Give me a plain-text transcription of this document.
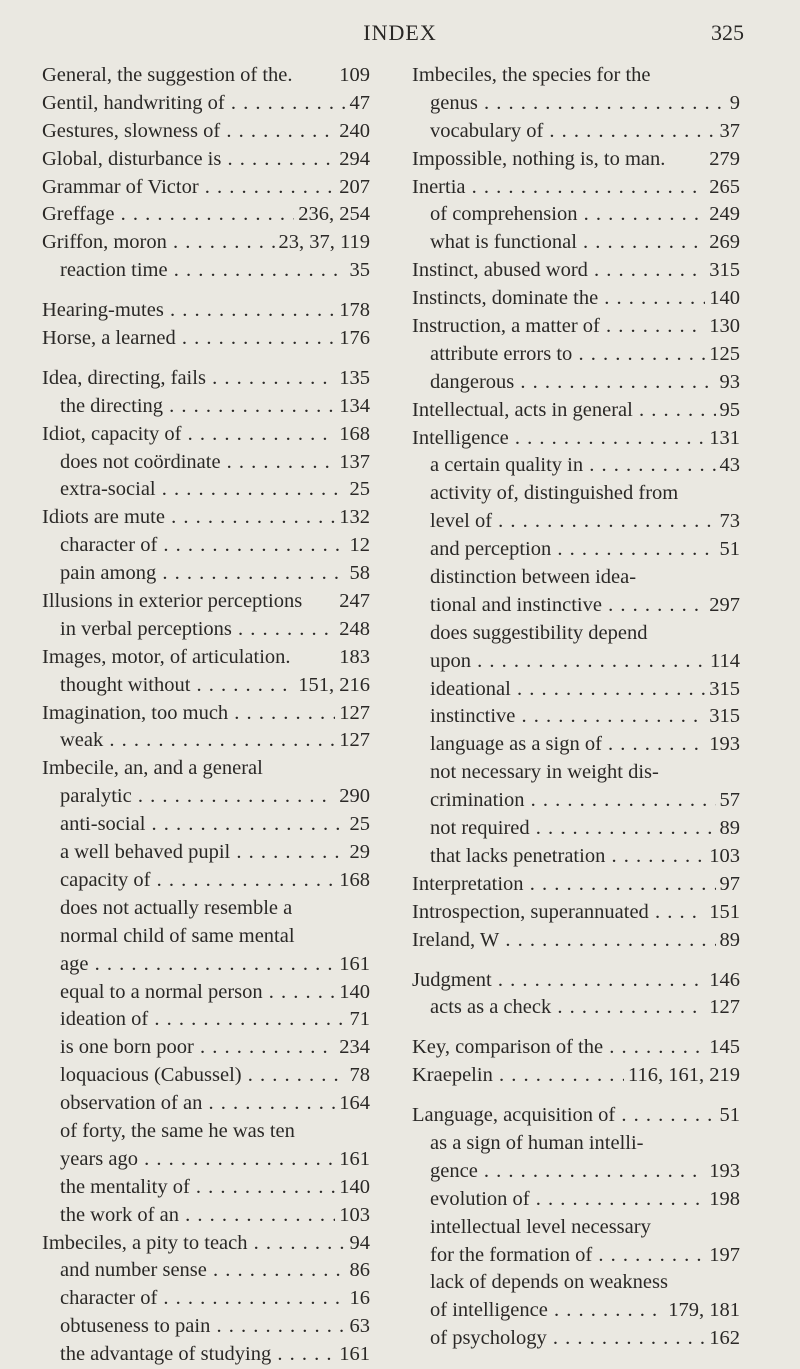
INDEX	325
General, the suggestion of the. 109
Gentil, handwriting of . . .	47
Gestures, slowness of . . .	240
Global, disturbance is . . .	294
Grammar of Victor . . .	207
Greffage . . .	236, 254
Griffon, moron . . .	23, 37, 119
reaction time . . .	35
Hearing-mutes . . .	178
Horse, a learned . . .	176
Idea, directing, fails . . .	135
the directing . . .	134
Idiot, capacity of . . .	168
does not coördinate . . .	137
extra-social . . .	25
Idiots are mute . . .	132
character of . . .	12
pain among . . .	58
Illusions in exterior perceptions 247
in verbal perceptions . . .	248
Images, motor, of articulation. 183
thought without . . .	151, 216
Imagination, too much . . .	127
weak . . .	127
Imbecile, an, and a general
paralytic . . .	290
anti-social . . .	25
a well behaved pupil . . .	29
capacity of . . .	168
does not actually resemble a
normal child of same mental
age . . .	161
equal to a normal person . . .	140
ideation of . . .	71
is one born poor . . .	234
loquacious (Cabussel) . . .	78
observation of an . . .	164
of forty, the same he was ten
years ago . . .	161
the mentality of . . .	140
the work of an . . .	103
Imbeciles, a pity to teach . . .	94
and number sense . . .	86
character of . . .	16
obtuseness to pain . . .	63
the advantage of studying . . .	161
Imbeciles, the species for the
genus . . .	9
vocabulary of . . .	37
Impossible, nothing is, to man. 279
Inertia . . .	265
of comprehension . . .	249
what is functional . . .	269
Instinct, abused word . . .	315
Instincts, dominate the . . .	140
Instruction, a matter of . . .	130
attribute errors to . . .	125
dangerous . . .	93
Intellectual, acts in general . . .	95
Intelligence . . .	131
a certain quality in . . .	43
activity of, distinguished from
level of . . .	73
and perception . . .	51
distinction between idea-
tional and instinctive . . .	297
does suggestibility depend
upon . . .	114
ideational . . .	315
instinctive . . .	315
language as a sign of . . .	193
not necessary in weight dis-
crimination . . .	57
not required . . .	89
that lacks penetration . . .	103
Interpretation . . .	97
Introspection, superannuated . . .	151
Ireland, W . . .	89
Judgment . . .	146
acts as a check . . .	127
Key, comparison of the . . .	145
Kraepelin . . .	116, 161, 219
Language, acquisition of . . .	51
as a sign of human intelli-
gence . . .	193
evolution of . . .	198
intellectual level necessary
for the formation of . . .	197
lack of depends on weakness
of intelligence . . .	179, 181
of psychology . . .	162
